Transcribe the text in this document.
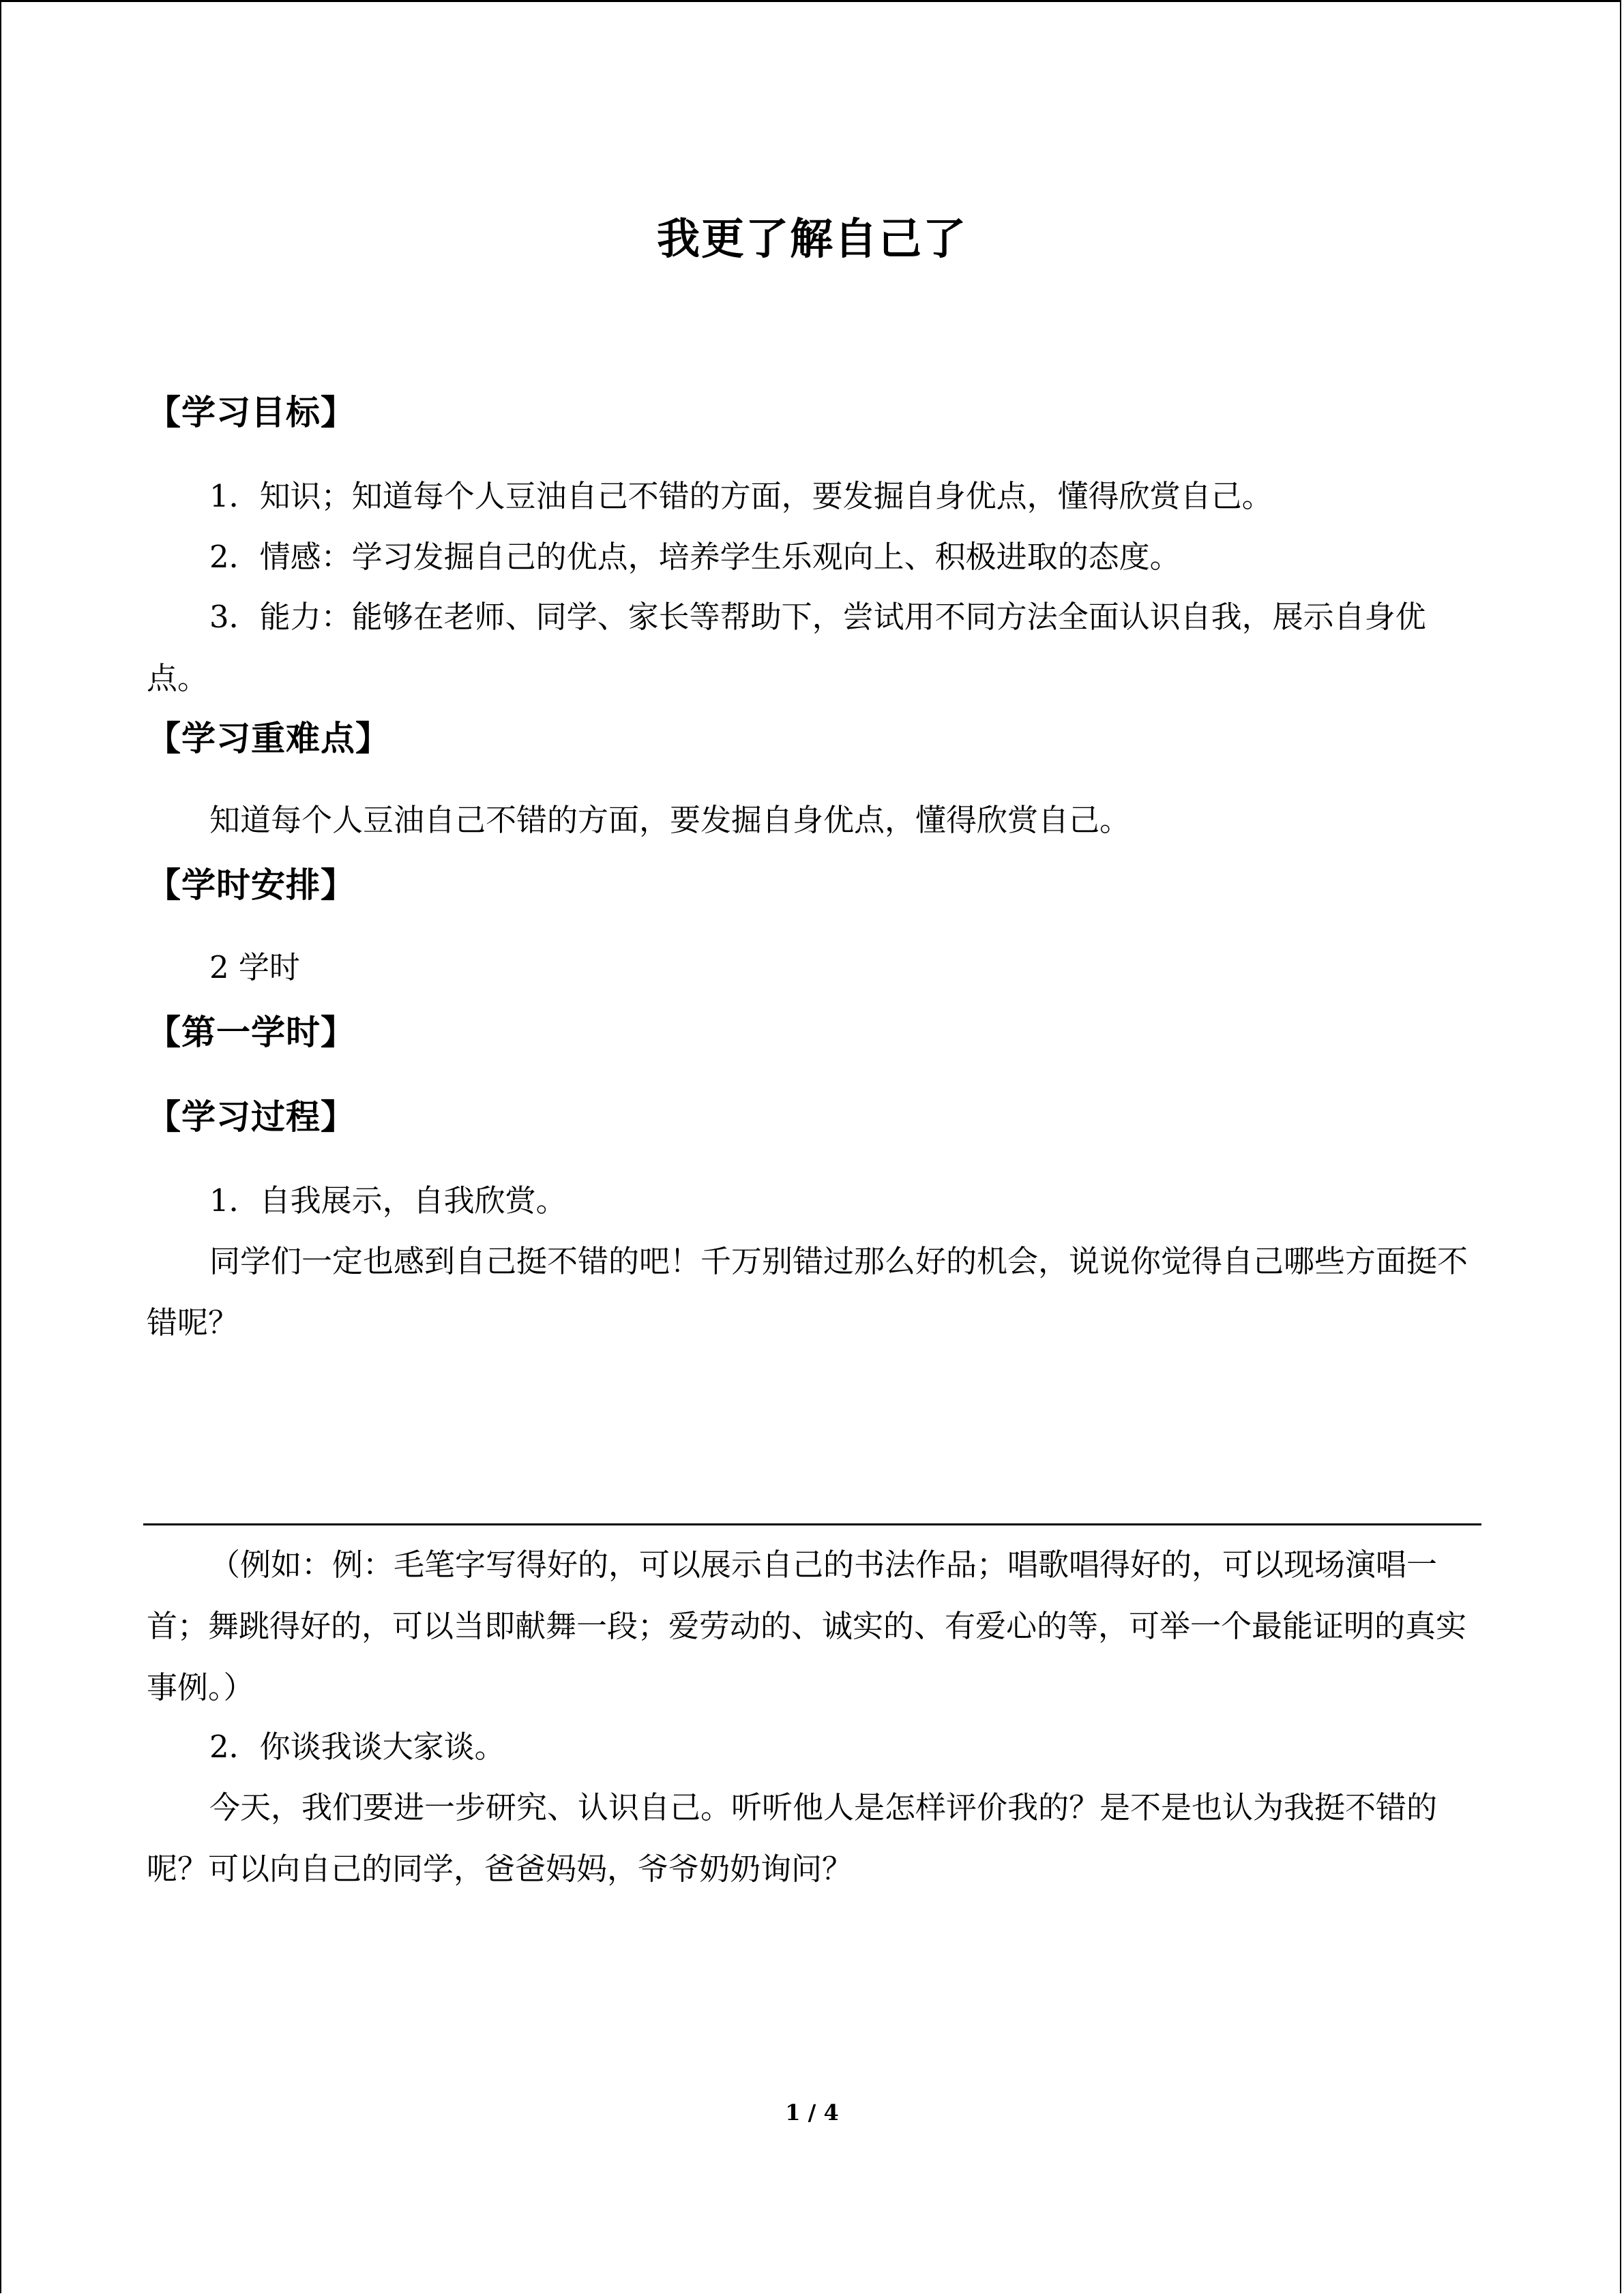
我更了解自己了
【学习目标】
1．知识；知道每个人豆油自己不错的方面，要发掘自身优点，懂得欣赏自己。
2．情感：学习发掘自己的优点，培养学生乐观向上、积极进取的态度。
3．能力：能够在老师、同学、家长等帮助下，尝试用不同方法全面认识自我，展示自身优点。
【学习重难点】
知道每个人豆油自己不错的方面，要发掘自身优点，懂得欣赏自己。
【学时安排】
2 学时
【第一学时】
【学习过程】
1．自我展示，自我欣赏。
同学们一定也感到自己挺不错的吧！千万别错过那么好的机会，说说你觉得自己哪些方面挺不错呢？
（例如：例：毛笔字写得好的，可以展示自己的书法作品；唱歌唱得好的，可以现场演唱一首；舞跳得好的，可以当即献舞一段；爱劳动的、诚实的、有爱心的等，可举一个最能证明的真实事例。）
2．你谈我谈大家谈。
今天，我们要进一步研究、认识自己。听听他人是怎样评价我的？是不是也认为我挺不错的呢？可以向自己的同学，爸爸妈妈，爷爷奶奶询问？
1 / 4
